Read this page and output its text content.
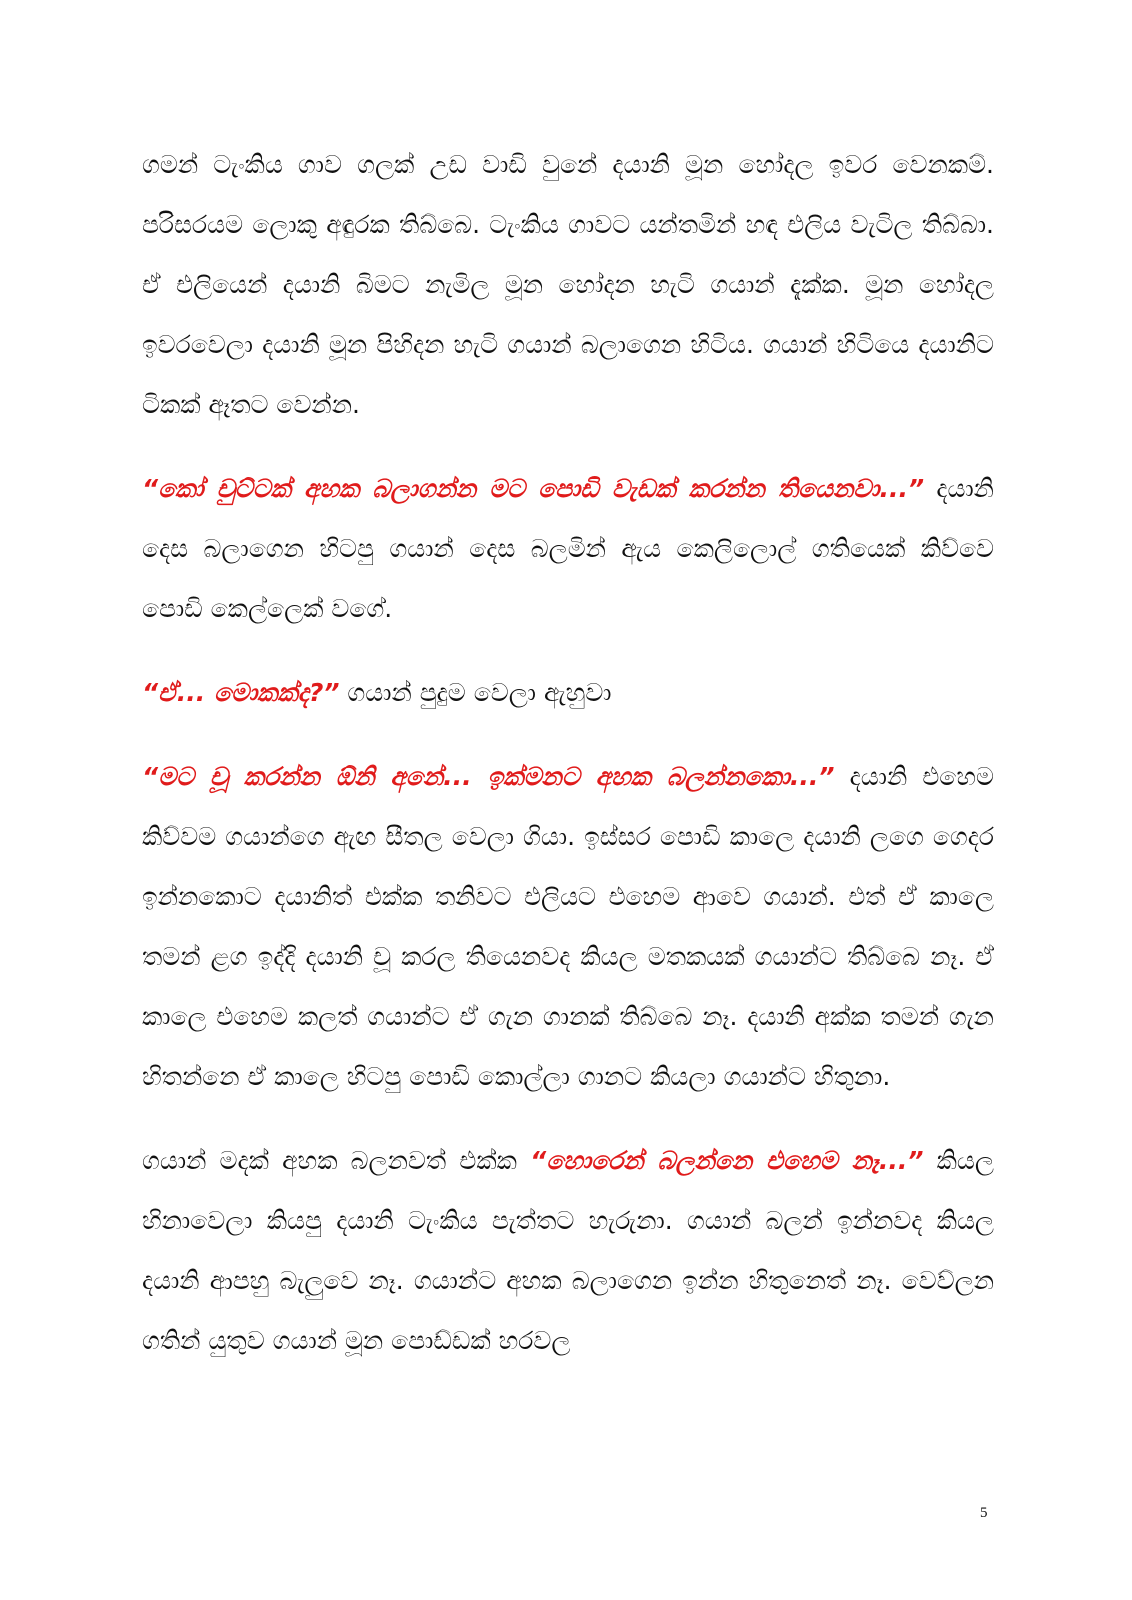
ගමන් ටැංකිය ගාව ගලක් උඩ වාඩි වුනේ දයානි මූන හෝදල ඉවර වෙනකම්. පරිසරයම ලොකු අඳුරක තිබ්බෙ. ටැංකිය ගාවට යන්තමින් හඳ එලිය වැටිල තිබ්බා. ඒ එලියෙන් දයානි බිමට නැමිල මූන හෝදන හැටි ගයාන් දැක්ක. මූන හෝදල ඉවරවෙලා දයානි මූන පිහිදන හැටි ගයාන් බලාගෙන හිටිය. ගයාන් හිටියෙ දයානිට ටිකක් ඈතට වෙන්න.

“කෝ චුට්ටක් අහක බලාගන්න මට පොඩි වැඩක් කරන්න තියෙනවා...” දයානි දෙස බලාගෙන හිටපු ගයාන් දෙස බලමින් ඇය කෙලිලොල් ගතියෙක් කිව්වෙ පොඩි කෙල්ලෙක් වගේ.

“ඒ... මොකක්ද?” ගයාන් පුදුම වෙලා ඇහුවා

“මට චූ කරන්න ඕනි අනේ... ඉක්මනට අහක බලන්නකො...” දයානි එහෙම කිව්වම ගයාන්ගෙ ඇඟ සීතල වෙලා ගියා. ඉස්සර පොඩි කාලෙ දයානි ලගෙ ගෙදර ඉන්නකොට දයානිත් එක්ක තනිවට එලියට එහෙම ආවෙ ගයාන්. එත් ඒ කාලෙ තමන් ළග ඉද්දි දයානි චූ කරල තියෙනවද කියල මතකයක් ගයාන්ට තිබ්බෙ නෑ. ඒ කාලෙ එහෙම කලත් ගයාන්ට ඒ ගැන ගානක් තිබ්බෙ නෑ. දයානි අක්ක තමන් ගැන හිතන්නෙ ඒ කාලෙ හිටපු පොඩි කොල්ලා ගානට කියලා ගයාන්ට හිතුනා.

ගයාන් මදක් අහක බලනවත් එක්ක “හොරෙන් බලන්නෙ එහෙම නෑ...” කියල හිනාවෙලා කියපු දයානි ටැංකිය පැත්තට හැරුනා. ගයාන් බලන් ඉන්නවද කියල දයානි ආපහු බැලුවෙ නෑ. ගයාන්ට අහක බලාගෙන ඉන්න හිතුනෙත් නෑ. වෙව්ලන ගතින් යුතුව ගයාන් මූන පොඩ්ඩක් හරවල

5
